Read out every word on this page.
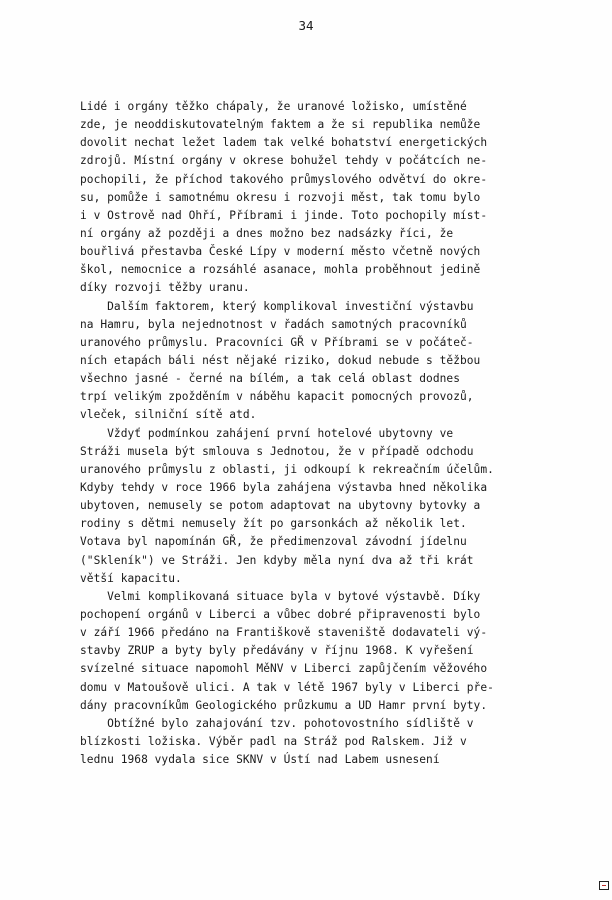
34
Lidé i orgány těžko chápaly, že uranové ložisko, umístěné
zde, je neoddiskutovatelným faktem a že si republika nemůže
dovolit nechat ležet ladem tak velké bohatství energetických
zdrojů. Místní orgány v okrese bohužel tehdy v počátcích ne-
pochopili, že příchod takového průmyslového odvětví do okre-
su, pomůže i samotnému okresu i rozvoji měst, tak tomu bylo
i v Ostrově nad Ohří, Příbrami i jinde. Toto pochopily míst-
ní orgány až později a dnes možno bez nadsázky říci, že
bouřlivá přestavba České Lípy v moderní město včetně nových
škol, nemocnice a rozsáhlé asanace, mohla proběhnout jedině
díky rozvoji těžby uranu.
Dalším faktorem, který komplikoval investiční výstavbu
na Hamru, byla nejednotnost v řadách samotných pracovníků
uranového průmyslu. Pracovníci GŘ v Příbrami se v počáteč-
ních etapách báli nést nějaké riziko, dokud nebude s těžbou
všechno jasné - černé na bílém, a tak celá oblast dodnes
trpí velikým zpožděním v náběhu kapacit pomocných provozů,
vleček, silniční sítě atd.
Vždyť podmínkou zahájení první hotelové ubytovny ve
Stráži musela být smlouva s Jednotou, že v případě odchodu
uranového průmyslu z oblasti, ji odkoupí k rekreačním účelům.
Kdyby tehdy v roce 1966 byla zahájena výstavba hned několika
ubytoven, nemusely se potom adaptovat na ubytovny bytovky a
rodiny s dětmi nemusely žít po garsonkách až několik let.
Votava byl napomínán GŘ, že předimenzoval závodní jídelnu
("Skleník") ve Stráži. Jen kdyby měla nyní dva až tři krát
větší kapacitu.
Velmi komplikovaná situace byla v bytové výstavbě. Díky
pochopení orgánů v Liberci a vůbec dobré připravenosti bylo
v září 1966 předáno na Františkově staveniště dodavateli vý-
stavby ZRUP a byty byly předávány v říjnu 1968. K vyřešení
svízelné situace napomohl MěNV v Liberci zapůjčením věžového
domu v Matoušově ulici. A tak v létě 1967 byly v Liberci pře-
dány pracovníkům Geologického průzkumu a UD Hamr první byty.
Obtížné bylo zahajování tzv. pohotovostního sídliště v
blízkosti ložiska. Výběr padl na Stráž pod Ralskem. Již v
lednu 1968 vydala sice SKNV v Ústí nad Labem usnesení
